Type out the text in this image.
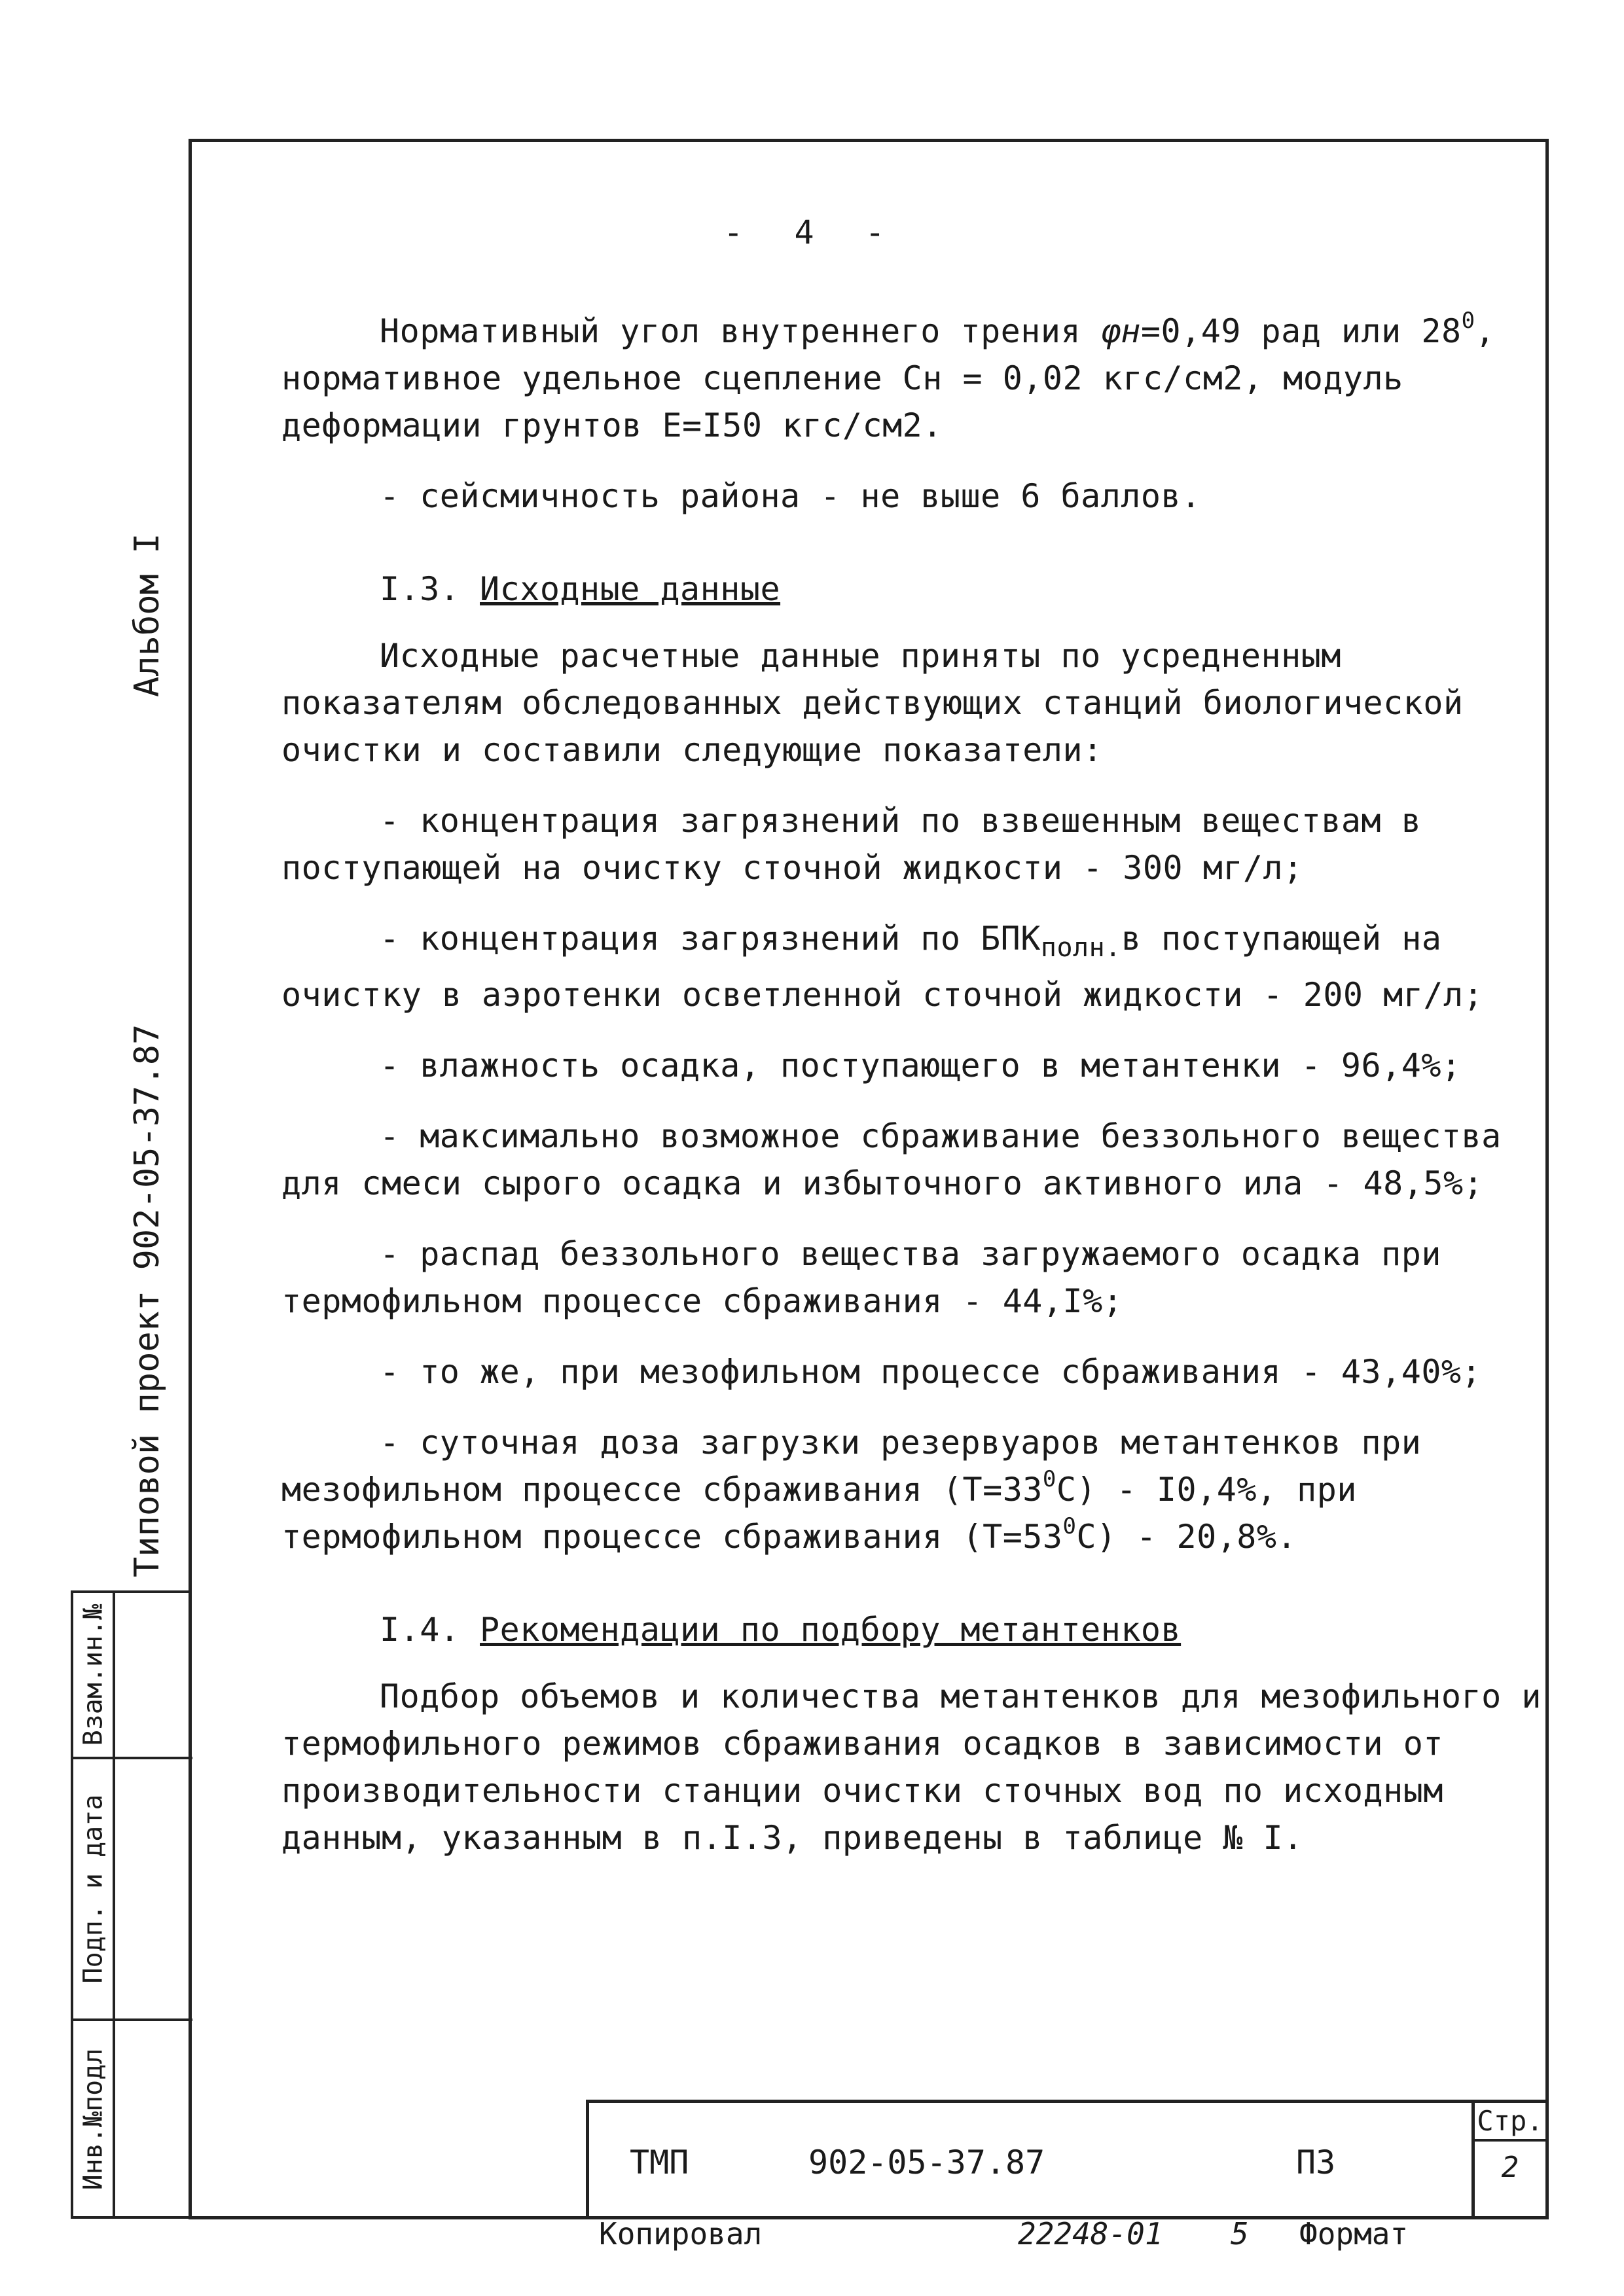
- 4 -

Нормативный угол внутреннего трения φн=0,49 рад или $28^0$, нормативное удельное сцепление Сн = 0,02 кгс/см2, модуль деформации грунтов Е=I50 кгс/см2.

- сейсмичность района - не выше 6 баллов.

I.3. Исходные данные

Исходные расчетные данные приняты по усредненным показателям обследованных действующих станций биологической очистки и составили следующие показатели:

- концентрация загрязнений по взвешенным веществам в поступающей на очистку сточной жидкости - 300 мг/л;

- концентрация загрязнений по $БПК_{полн.}в$ поступающей на очистку в аэротенки осветленной сточной жидкости - 200 мг/л;

- влажность осадка, поступающего в метантенки - 96,4%;

- максимально возможное сбраживание беззольного вещества для смеси сырого осадка и избыточного активного ила - 48,5%;

- распад беззольного вещества загружаемого осадка при термофильном процессе сбраживания - 44,I%;

- то же, при мезофильном процессе сбраживания - 43,40%;

- суточная доза загрузки резервуаров метантенков при мезофильном процессе сбраживания $(Т=33^0С) - I0,4\%$, при термофильном процессе сбраживания $(Т=53^0С) - 20,8\%$.

I.4. Рекомендации по подбору метантенков

Подбор объемов и количества метантенков для мезофильного и термофильного режимов сбраживания осадков в зависимости от производительности станции очистки сточных вод по исходным данным, указанным в п.I.3, приведены в таблице № I.

Типовой проект 902-05-37.87
Альбом I
Взам.ин.№
Подп. и дата
Инв.№подл	ТМП	902-05-37.87	ПЗ
Стр.
2
Копировал	22248-01 5 Формат
